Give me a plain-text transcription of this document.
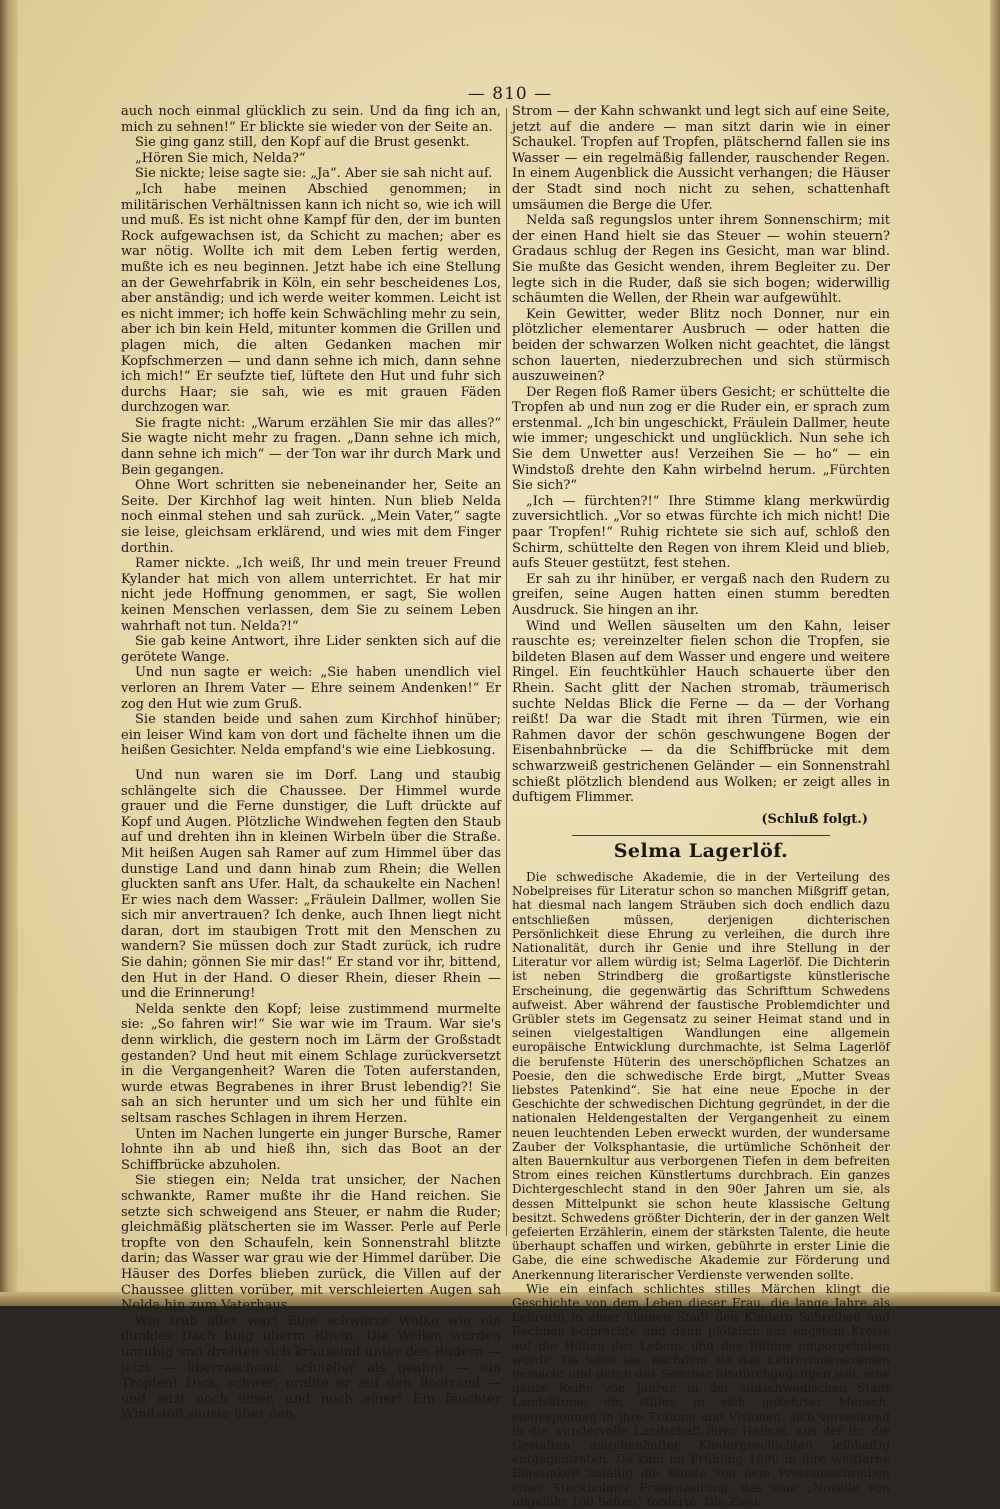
— 810 —

auch noch einmal glücklich zu sein. Und da fing ich an, mich zu sehnen!“ Er blickte sie wieder von der Seite an.

Sie ging ganz still, den Kopf auf die Brust gesenkt.

„Hören Sie mich, Nelda?“

Sie nickte; leise sagte sie: „Ja“. Aber sie sah nicht auf.

„Ich habe meinen Abschied genommen; in militärischen Verhältnissen kann ich nicht so, wie ich will und muß. Es ist nicht ohne Kampf für den, der im bunten Rock aufgewachsen ist, da Schicht zu machen; aber es war nötig. Wollte ich mit dem Leben fertig werden, mußte ich es neu beginnen. Jetzt habe ich eine Stellung an der Gewehrfabrik in Köln, ein sehr bescheidenes Los, aber anständig; und ich werde weiter kommen. Leicht ist es nicht immer; ich hoffe kein Schwächling mehr zu sein, aber ich bin kein Held, mitunter kommen die Grillen und plagen mich, die alten Gedanken machen mir Kopfschmerzen — und dann sehne ich mich, dann sehne ich mich!“ Er seufzte tief, lüftete den Hut und fuhr sich durchs Haar; sie sah, wie es mit grauen Fäden durchzogen war.

Sie fragte nicht: „Warum erzählen Sie mir das alles?“ Sie wagte nicht mehr zu fragen. „Dann sehne ich mich, dann sehne ich mich“ — der Ton war ihr durch Mark und Bein gegangen.

Ohne Wort schritten sie nebeneinander her, Seite an Seite. Der Kirchhof lag weit hinten. Nun blieb Nelda noch einmal stehen und sah zurück. „Mein Vater,“ sagte sie leise, gleichsam erklärend, und wies mit dem Finger dorthin.

Ramer nickte. „Ich weiß, Ihr und mein treuer Freund Kylander hat mich von allem unterrichtet. Er hat mir nicht jede Hoffnung genommen, er sagt, Sie wollen keinen Menschen verlassen, dem Sie zu seinem Leben wahrhaft not tun. Nelda?!“

Sie gab keine Antwort, ihre Lider senkten sich auf die gerötete Wange.

Und nun sagte er weich: „Sie haben unendlich viel verloren an Ihrem Vater — Ehre seinem Andenken!“ Er zog den Hut wie zum Gruß.

Sie standen beide und sahen zum Kirchhof hinüber; ein leiser Wind kam von dort und fächelte ihnen um die heißen Gesichter. Nelda empfand's wie eine Liebkosung.

Und nun waren sie im Dorf. Lang und staubig schlängelte sich die Chaussee. Der Himmel wurde grauer und die Ferne dunstiger, die Luft drückte auf Kopf und Augen. Plötzliche Windwehen fegten den Staub auf und drehten ihn in kleinen Wirbeln über die Straße. Mit heißen Augen sah Ramer auf zum Himmel über das dunstige Land und dann hinab zum Rhein; die Wellen gluckten sanft ans Ufer. Halt, da schaukelte ein Nachen! Er wies nach dem Wasser: „Fräulein Dallmer, wollen Sie sich mir anvertrauen? Ich denke, auch Ihnen liegt nicht daran, dort im staubigen Trott mit den Menschen zu wandern? Sie müssen doch zur Stadt zurück, ich rudre Sie dahin; gönnen Sie mir das!“ Er stand vor ihr, bittend, den Hut in der Hand. O dieser Rhein, dieser Rhein — und die Erinnerung!

Nelda senkte den Kopf; leise zustimmend murmelte sie: „So fahren wir!“ Sie war wie im Traum. War sie's denn wirklich, die gestern noch im Lärm der Großstadt gestanden? Und heut mit einem Schlage zurückversetzt in die Vergangenheit? Waren die Toten auferstanden, wurde etwas Begrabenes in ihrer Brust lebendig?! Sie sah an sich herunter und um sich her und fühlte ein seltsam rasches Schlagen in ihrem Herzen.

Unten im Nachen lungerte ein junger Bursche, Ramer lohnte ihn ab und hieß ihn, sich das Boot an der Schiffbrücke abzuholen.

Sie stiegen ein; Nelda trat unsicher, der Nachen schwankte, Ramer mußte ihr die Hand reichen. Sie setzte sich schweigend ans Steuer, er nahm die Ruder; gleichmäßig plätscherten sie im Wasser. Perle auf Perle tropfte von den Schaufeln, kein Sonnenstrahl blitzte darin; das Wasser war grau wie der Himmel darüber. Die Häuser des Dorfes blieben zurück, die Villen auf der Chaussee glitten vorüber, mit verschleierten Augen sah Nelda hin zum Vaterhaus.

Wie trüb alles war! Eine schwarze Wolke wie ein dunkles Dach hing überm Rhein. Die Wellen wurden unruhig und drehten sich kräuselnd unter den Rudern — jetzt — überraschend, schneller als geahnt — ein Tropfen! Dick, schwer, prallte er auf den Bootrand — und jetzt noch einer, und noch einer! Ein feuchter Windstoß sauste über den

Strom — der Kahn schwankt und legt sich auf eine Seite, jetzt auf die andere — man sitzt darin wie in einer Schaukel. Tropfen auf Tropfen, plätschernd fallen sie ins Wasser — ein regelmäßig fallender, rauschender Regen. In einem Augenblick die Aussicht verhangen; die Häuser der Stadt sind noch nicht zu sehen, schattenhaft umsäumen die Berge die Ufer.

Nelda saß regungslos unter ihrem Sonnenschirm; mit der einen Hand hielt sie das Steuer — wohin steuern? Gradaus schlug der Regen ins Gesicht, man war blind. Sie mußte das Gesicht wenden, ihrem Begleiter zu. Der legte sich in die Ruder, daß sie sich bogen; widerwillig schäumten die Wellen, der Rhein war aufgewühlt.

Kein Gewitter, weder Blitz noch Donner, nur ein plötzlicher elementarer Ausbruch — oder hatten die beiden der schwarzen Wolken nicht geachtet, die längst schon lauerten, niederzubrechen und sich stürmisch auszuweinen?

Der Regen floß Ramer übers Gesicht; er schüttelte die Tropfen ab und nun zog er die Ruder ein, er sprach zum erstenmal. „Ich bin ungeschickt, Fräulein Dallmer, heute wie immer; ungeschickt und unglücklich. Nun sehe ich Sie dem Unwetter aus! Verzeihen Sie — ho“ — ein Windstoß drehte den Kahn wirbelnd herum. „Fürchten Sie sich?“

„Ich — fürchten?!“ Ihre Stimme klang merkwürdig zuversichtlich. „Vor so etwas fürchte ich mich nicht! Die paar Tropfen!“ Ruhig richtete sie sich auf, schloß den Schirm, schüttelte den Regen von ihrem Kleid und blieb, aufs Steuer gestützt, fest stehen.

Er sah zu ihr hinüber, er vergaß nach den Rudern zu greifen, seine Augen hatten einen stumm beredten Ausdruck. Sie hingen an ihr.

Wind und Wellen säuselten um den Kahn, leiser rauschte es; vereinzelter fielen schon die Tropfen, sie bildeten Blasen auf dem Wasser und engere und weitere Ringel. Ein feuchtkühler Hauch schauerte über den Rhein. Sacht glitt der Nachen stromab, träumerisch suchte Neldas Blick die Ferne — da — der Vorhang reißt! Da war die Stadt mit ihren Türmen, wie ein Rahmen davor der schön geschwungene Bogen der Eisenbahnbrücke — da die Schiffbrücke mit dem schwarzweiß gestrichenen Geländer — ein Sonnenstrahl schießt plötzlich blendend aus Wolken; er zeigt alles in duftigem Flimmer.

(Schluß folgt.)
Selma Lagerlöf.

Die schwedische Akademie, die in der Verteilung des Nobelpreises für Literatur schon so manchen Mißgriff getan, hat diesmal nach langem Sträuben sich doch endlich dazu entschließen müssen, derjenigen dichterischen Persönlichkeit diese Ehrung zu verleihen, die durch ihre Nationalität, durch ihr Genie und ihre Stellung in der Literatur vor allem würdig ist; Selma Lagerlöf. Die Dichterin ist neben Strindberg die großartigste künstlerische Erscheinung, die gegenwärtig das Schrifttum Schwedens aufweist. Aber während der faustische Problemdichter und Grübler stets im Gegensatz zu seiner Heimat stand und in seinen vielgestaltigen Wandlungen eine allgemein europäische Entwicklung durchmachte, ist Selma Lagerlöf die berufenste Hüterin des unerschöpflichen Schatzes an Poesie, den die schwedische Erde birgt, „Mutter Sveas liebstes Patenkind“. Sie hat eine neue Epoche in der Geschichte der schwedischen Dichtung gegründet, in der die nationalen Heldengestalten der Vergangenheit zu einem neuen leuchtenden Leben erweckt wurden, der wundersame Zauber der Volksphantasie, die urtümliche Schönheit der alten Bauernkultur aus verborgenen Tiefen in dem befreiten Strom eines reichen Künstlertums durchbrach. Ein ganzes Dichtergeschlecht stand in den 90er Jahren um sie, als dessen Mittelpunkt sie schon heute klassische Geltung besitzt. Schwedens größter Dichterin, der in der ganzen Welt gefeierten Erzählerin, einem der stärksten Talente, die heute überhaupt schaffen und wirken, gebührte in erster Linie die Gabe, die eine schwedische Akademie zur Förderung und Anerkennung literarischer Verdienste verwenden sollte.

Wie ein einfach schlichtes stilles Märchen klingt die Geschichte von dem Leben dieser Frau, die lange Jahre als Lehrerin in einer kleinen Stadt den Kindern Schreiben und Rechnen beibrachte und dann plötzlich aus engstem Kreise auf die Höhen des Lebens und des Ruhms emporgehoben wurde. Da lebte sie, nachdem sie das Lehrerinnenexamen gemacht und durch das Seminar hindurchgegangen war, eine ganze Reihe von Jahren in der südschwedischen Stadt Landskrona, ein stiller, in sich gekehrter Mensch, eingesponnen in ihre Träume und Visionen, sich versenkend in die wundervolle Landschaft ihrer Heimat, aus der ihr die Gestalten märchenhafter Kindergeschichten leibhaftig entgegentraten. Da kam im Frühling 1890 in ihre weltferne Einsamkeit zufällig die Kunde von dem Preisausschreiben einer Stockholmer Frauenzeitung, das eine „Novelle von ungefähr 100 Seiten“ forderte. Die Zwei-
